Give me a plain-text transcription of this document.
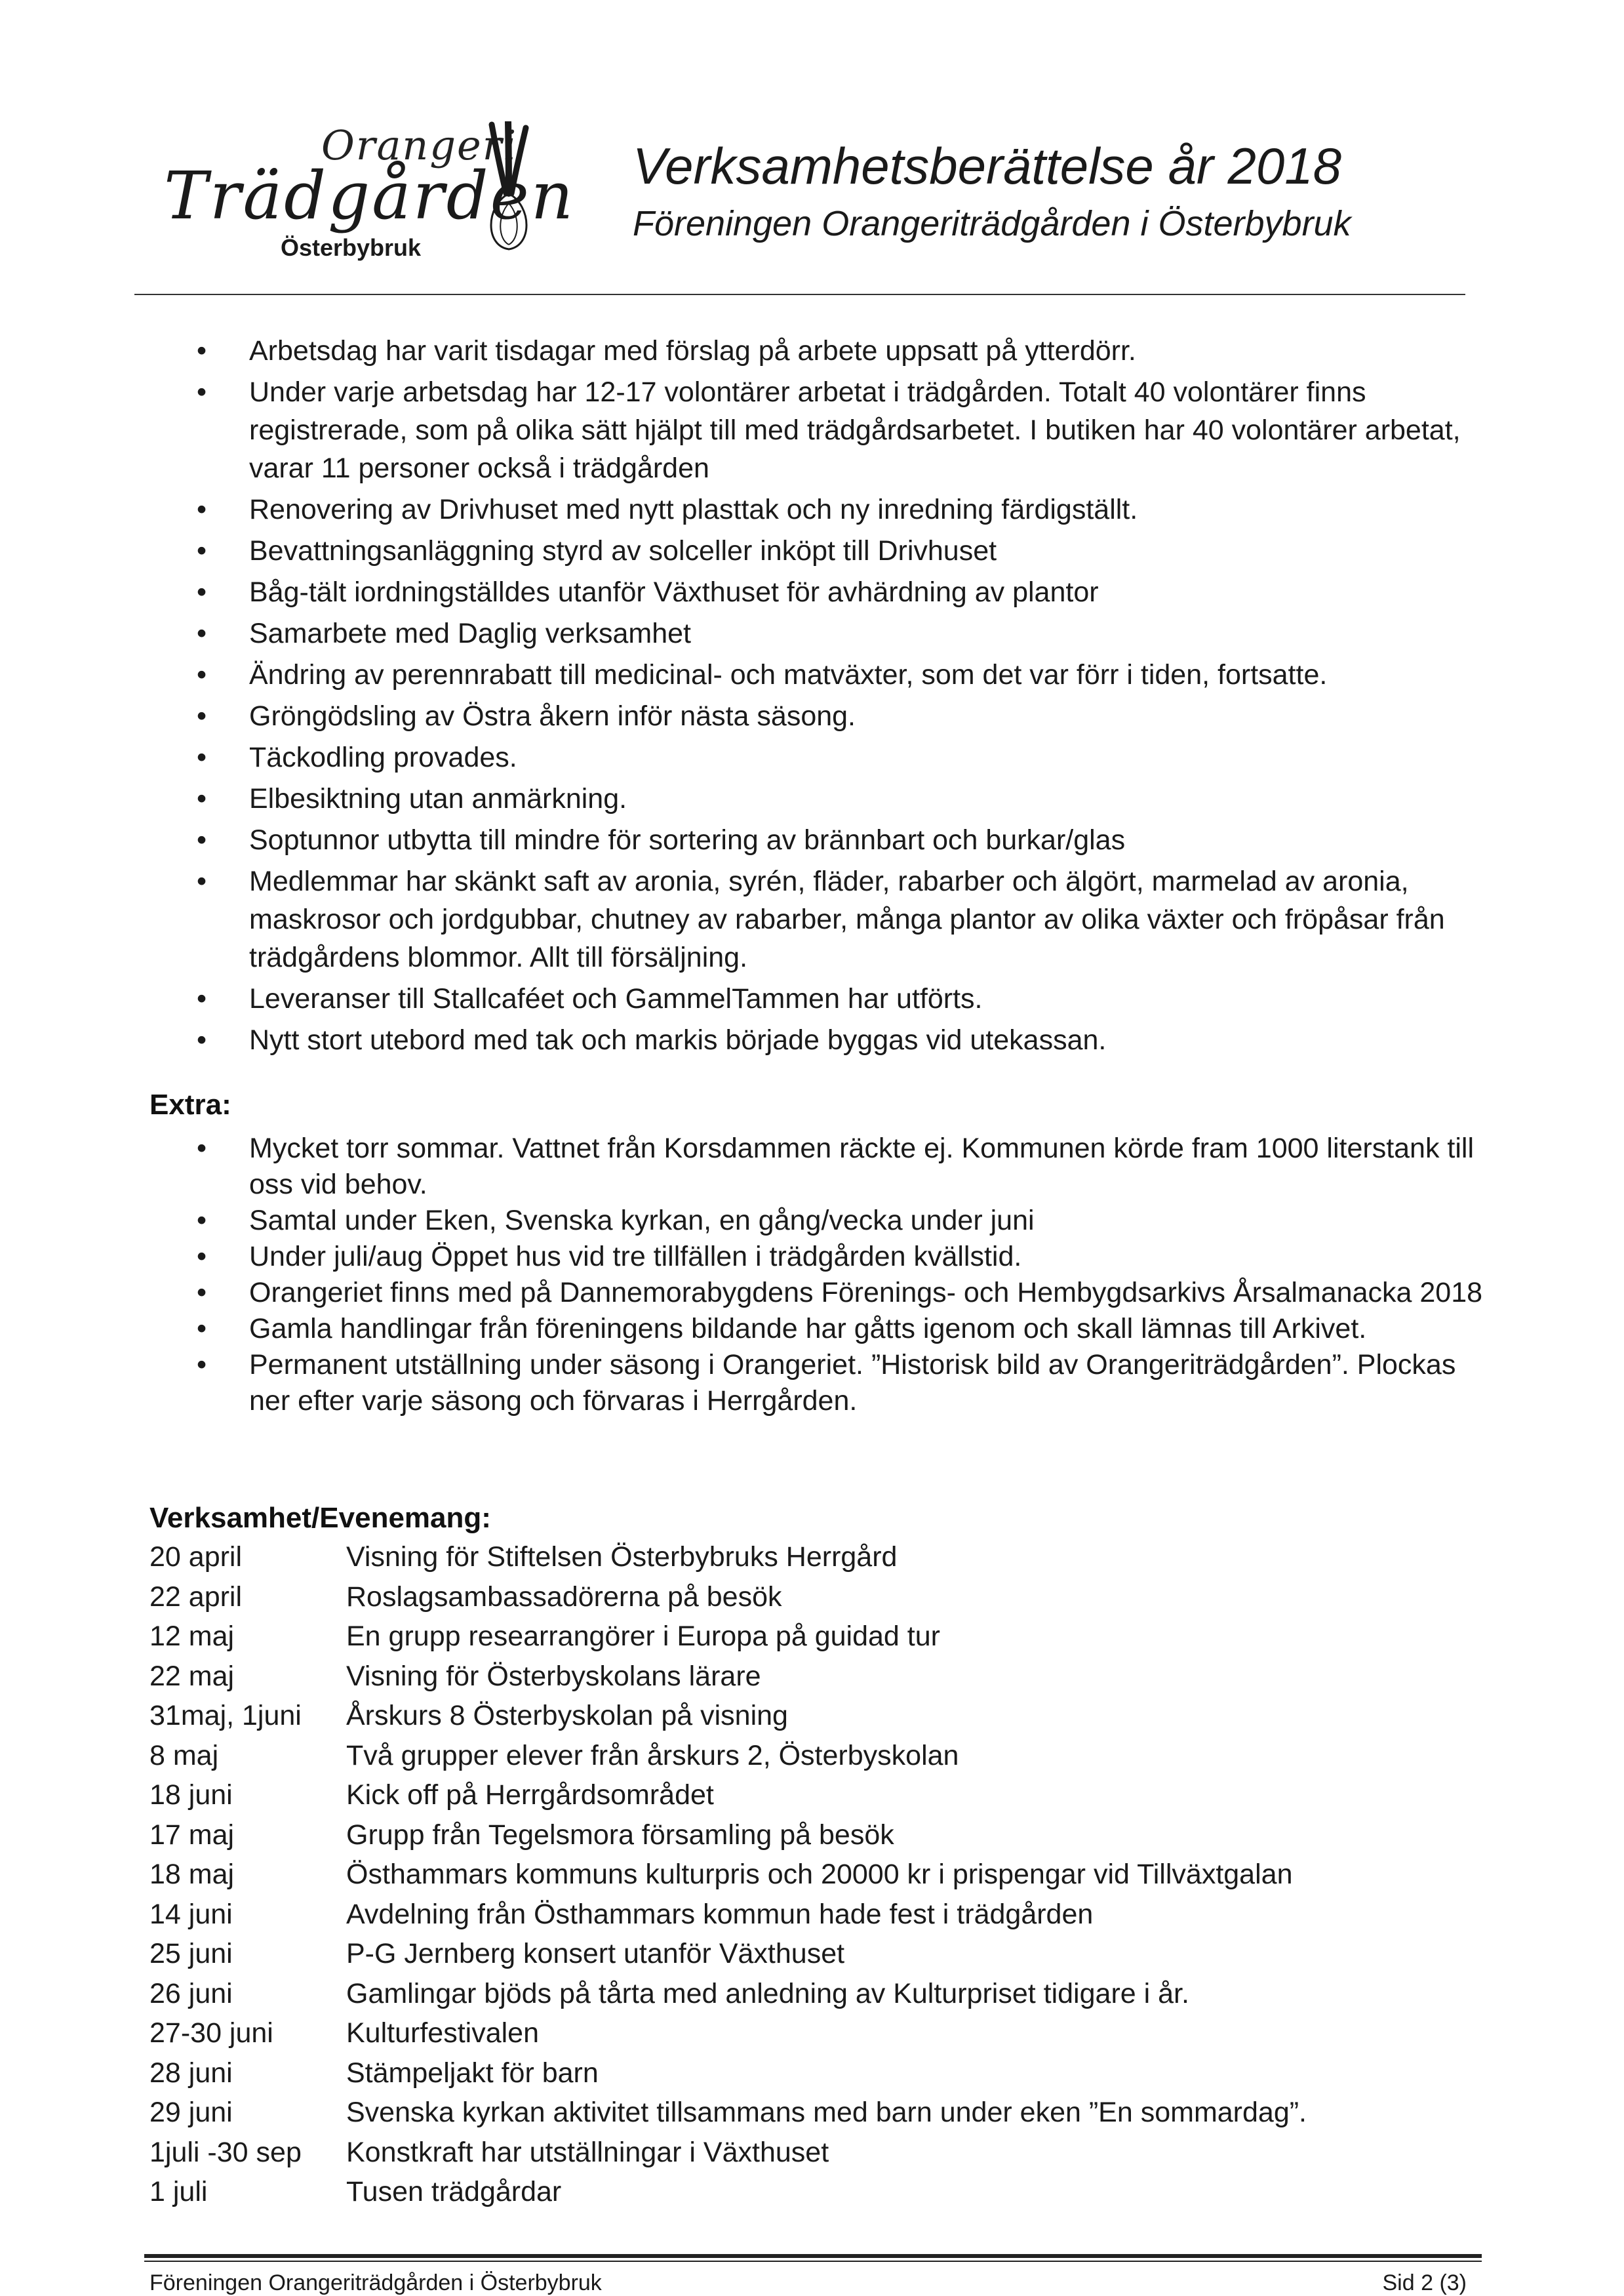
Orangeri
Trädgården
Österbybruk
Verksamhetsberättelse år 2018
Föreningen Orangeriträdgården i Österbybruk
• Arbetsdag har varit tisdagar med förslag på arbete uppsatt på ytterdörr.
• Under varje arbetsdag har 12-17 volontärer arbetat i trädgården. Totalt 40 volontärer finns registrerade, som på olika sätt hjälpt till med trädgårdsarbetet. I butiken har 40 volontärer arbetat, varar 11 personer också i trädgården
• Renovering av Drivhuset med nytt plasttak och ny inredning färdigställt.
• Bevattningsanläggning styrd av solceller inköpt till Drivhuset
• Båg-tält iordningställdes utanför Växthuset för avhärdning av plantor
• Samarbete med Daglig verksamhet
• Ändring av perennrabatt till medicinal- och matväxter, som det var förr i tiden, fortsatte.
• Gröngödsling av Östra åkern inför nästa säsong.
• Täckodling provades.
• Elbesiktning utan anmärkning.
• Soptunnor utbytta till mindre för sortering av brännbart och burkar/glas
• Medlemmar har skänkt saft av aronia, syrén, fläder, rabarber och älgört, marmelad av aronia, maskrosor och jordgubbar, chutney av rabarber, många plantor av olika växter och fröpåsar från trädgårdens blommor. Allt till försäljning.
• Leveranser till Stallcaféet och GammelTammen har utförts.
• Nytt stort utebord med tak och markis började byggas vid utekassan.
Extra:
• Mycket torr sommar. Vattnet från Korsdammen räckte ej. Kommunen körde fram 1000 literstank till oss vid behov.
• Samtal under Eken, Svenska kyrkan, en gång/vecka under juni
• Under juli/aug Öppet hus vid tre tillfällen i trädgården kvällstid.
• Orangeriet finns med på Dannemorabygdens Förenings- och Hembygdsarkivs Årsalmanacka 2018
• Gamla handlingar från föreningens bildande har gåtts igenom och skall lämnas till Arkivet.
• Permanent utställning under säsong i Orangeriet. ”Historisk bild av Orangeriträdgården”. Plockas ner efter varje säsong och förvaras i Herrgården.
Verksamhet/Evenemang:
20 april	Visning för Stiftelsen Österbybruks Herrgård
22 april	Roslagsambassadörerna på besök
12 maj	En grupp researrangörer i Europa på guidad tur
22 maj	Visning för Österbyskolans lärare
31maj, 1juni	Årskurs 8 Österbyskolan på visning
8 maj	Två grupper elever från årskurs 2, Österbyskolan
18 juni	Kick off på Herrgårdsområdet
17 maj	Grupp från Tegelsmora församling på besök
18 maj	Östhammars kommuns kulturpris och 20000 kr i prispengar vid Tillväxtgalan
14 juni	Avdelning från Östhammars kommun hade fest i trädgården
25 juni	P-G Jernberg konsert utanför Växthuset
26 juni	Gamlingar bjöds på tårta med anledning av Kulturpriset tidigare i år.
27-30 juni	Kulturfestivalen
28 juni	Stämpeljakt för barn
29 juni	Svenska kyrkan aktivitet tillsammans med barn under eken ”En sommardag”.
1juli -30 sep	Konstkraft har utställningar i Växthuset
1 juli	Tusen trädgårdar
Föreningen Orangeriträdgården i Österbybruk	Sid 2 (3)
